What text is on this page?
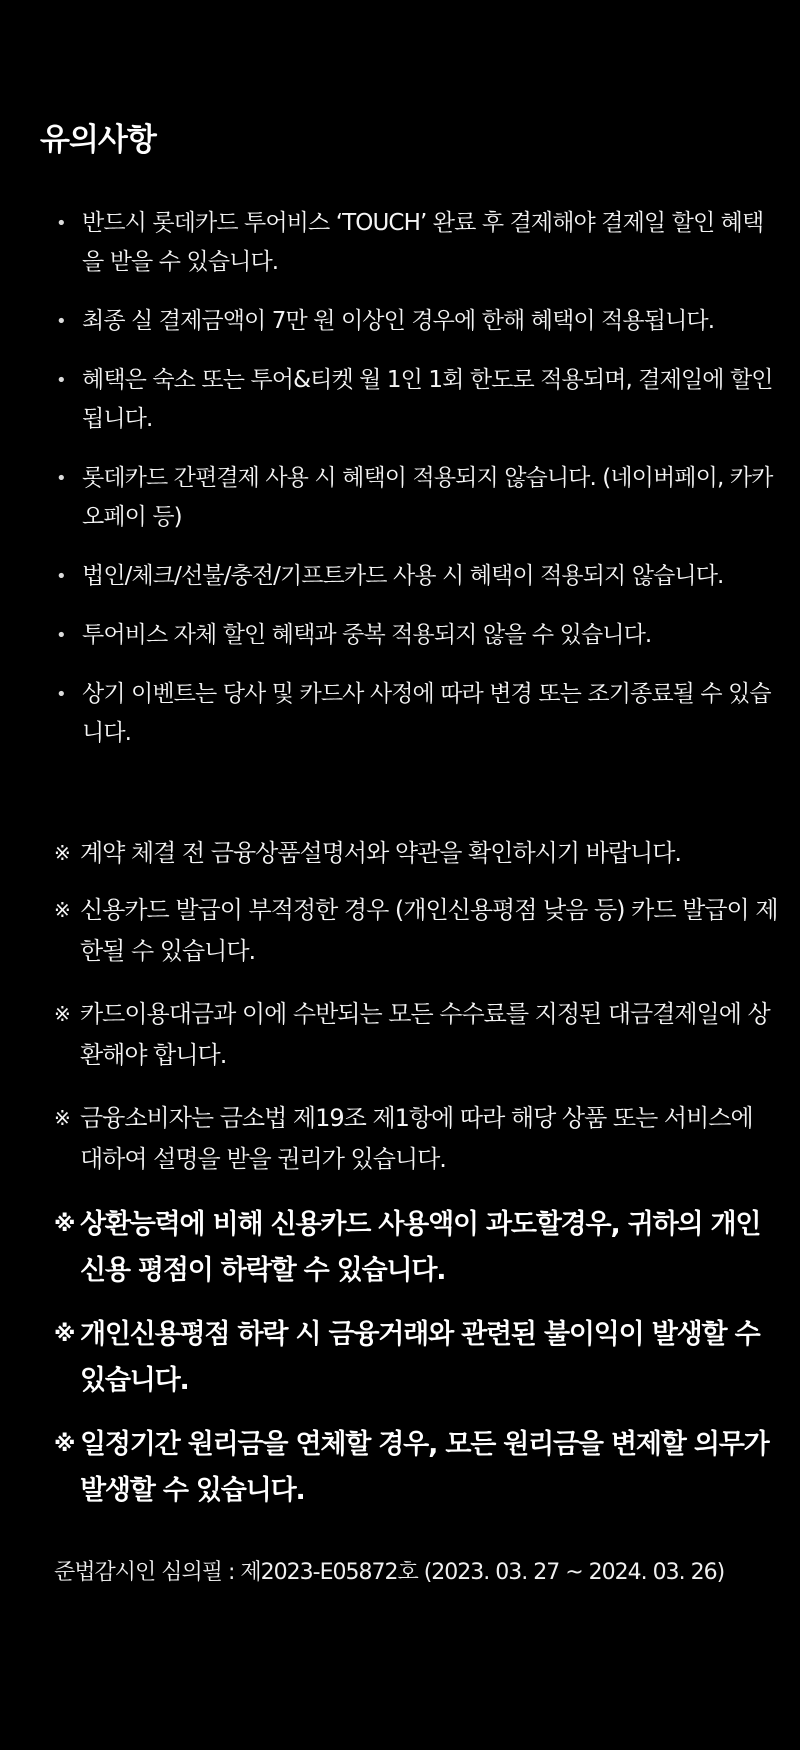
유의사항
• 반드시 롯데카드 투어비스 ‘TOUCH’ 완료 후 결제해야 결제일 할인 혜택을 받을 수 있습니다.
• 최종 실 결제금액이 7만 원 이상인 경우에 한해 혜택이 적용됩니다.
• 혜택은 숙소 또는 투어&티켓 월 1인 1회 한도로 적용되며, 결제일에 할인됩니다.
• 롯데카드 간편결제 사용 시 혜택이 적용되지 않습니다. (네이버페이, 카카오페이 등)
• 법인/체크/선불/충전/기프트카드 사용 시 혜택이 적용되지 않습니다.
• 투어비스 자체 할인 혜택과 중복 적용되지 않을 수 있습니다.
• 상기 이벤트는 당사 및 카드사 사정에 따라 변경 또는 조기종료될 수 있습니다.
※ 계약 체결 전 금융상품설명서와 약관을 확인하시기 바랍니다.
※ 신용카드 발급이 부적정한 경우 (개인신용평점 낮음 등) 카드 발급이 제한될 수 있습니다.
※ 카드이용대금과 이에 수반되는 모든 수수료를 지정된 대금결제일에 상환해야 합니다.
※ 금융소비자는 금소법 제19조 제1항에 따라 해당 상품 또는 서비스에 대하여 설명을 받을 권리가 있습니다.
※ 상환능력에 비해 신용카드 사용액이 과도할경우, 귀하의 개인신용 평점이 하락할 수 있습니다.
※ 개인신용평점 하락 시 금융거래와 관련된 불이익이 발생할 수 있습니다.
※ 일정기간 원리금을 연체할 경우, 모든 원리금을 변제할 의무가 발생할 수 있습니다.

준법감시인 심의필 : 제2023-E05872호 (2023. 03. 27 ~ 2024. 03. 26)
